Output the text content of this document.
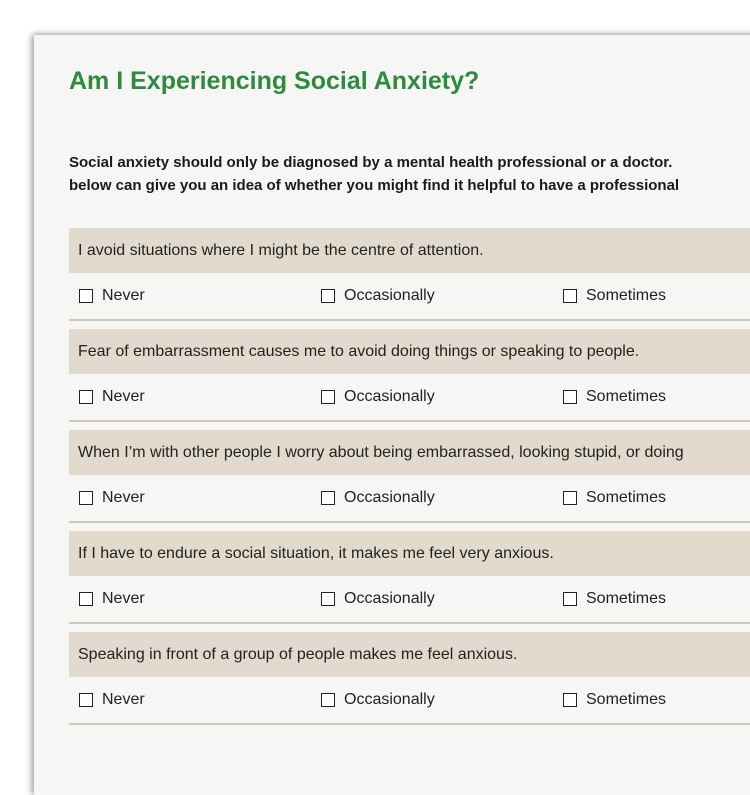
Am I Experiencing Social Anxiety?
Social anxiety should only be diagnosed by a mental health professional or a doctor.
below can give you an idea of whether you might find it helpful to have a professional
I avoid situations where I might be the centre of attention.
Never	Occasionally	Sometimes
Fear of embarrassment causes me to avoid doing things or speaking to people.
Never	Occasionally	Sometimes
When I’m with other people I worry about being embarrassed, looking stupid, or doing
Never	Occasionally	Sometimes
If I have to endure a social situation, it makes me feel very anxious.
Never	Occasionally	Sometimes
Speaking in front of a group of people makes me feel anxious.
Never	Occasionally	Sometimes
